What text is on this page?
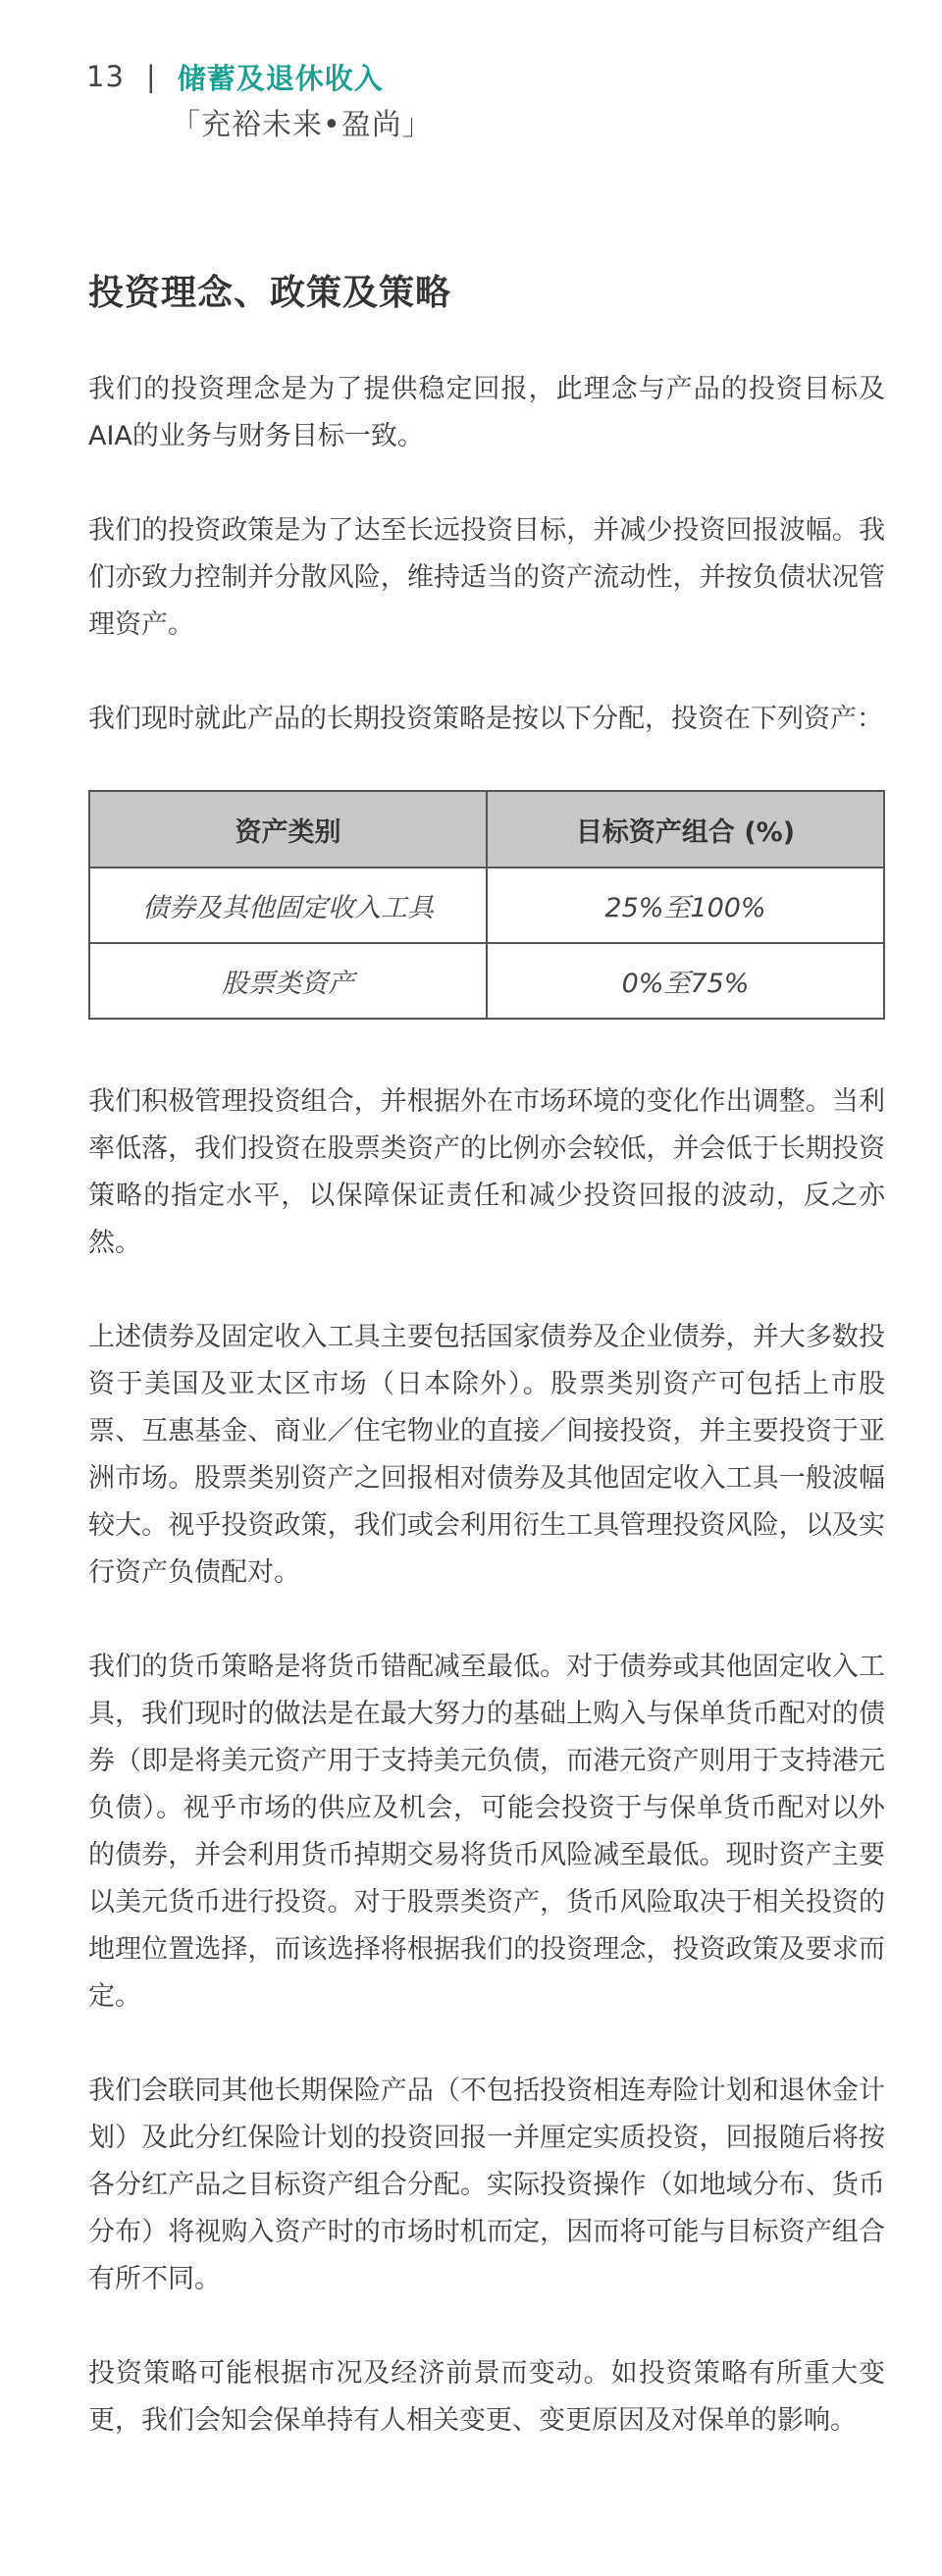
13 | 储蓄及退休收入
「充裕未来•盈尚」
投资理念、政策及策略

我们的投资理念是为了提供稳定回报，此理念与产品的投资目标及AIA的业务与财务目标一致。

我们的投资政策是为了达至长远投资目标，并减少投资回报波幅。我们亦致力控制并分散风险，维持适当的资产流动性，并按负债状况管理资产。

我们现时就此产品的长期投资策略是按以下分配，投资在下列资产：

资产类别	目标资产组合 (%)
债券及其他固定收入工具	25%至100%
股票类资产	0%至75%

我们积极管理投资组合，并根据外在市场环境的变化作出调整。当利率低落，我们投资在股票类资产的比例亦会较低，并会低于长期投资策略的指定水平，以保障保证责任和减少投资回报的波动，反之亦然。

上述债券及固定收入工具主要包括国家债券及企业债券，并大多数投资于美国及亚太区市场（日本除外）。股票类别资产可包括上市股票、互惠基金、商业／住宅物业的直接／间接投资，并主要投资于亚洲市场。股票类别资产之回报相对债券及其他固定收入工具一般波幅较大。视乎投资政策，我们或会利用衍生工具管理投资风险，以及实行资产负债配对。

我们的货币策略是将货币错配减至最低。对于债券或其他固定收入工具，我们现时的做法是在最大努力的基础上购入与保单货币配对的债券（即是将美元资产用于支持美元负债，而港元资产则用于支持港元负债）。视乎市场的供应及机会，可能会投资于与保单货币配对以外的债券，并会利用货币掉期交易将货币风险减至最低。现时资产主要以美元货币进行投资。对于股票类资产，货币风险取决于相关投资的地理位置选择，而该选择将根据我们的投资理念，投资政策及要求而定。

我们会联同其他长期保险产品（不包括投资相连寿险计划和退休金计划）及此分红保险计划的投资回报一并厘定实质投资，回报随后将按各分红产品之目标资产组合分配。实际投资操作（如地域分布、货币分布）将视购入资产时的市场时机而定，因而将可能与目标资产组合有所不同。

投资策略可能根据市况及经济前景而变动。如投资策略有所重大变更，我们会知会保单持有人相关变更、变更原因及对保单的影响。
